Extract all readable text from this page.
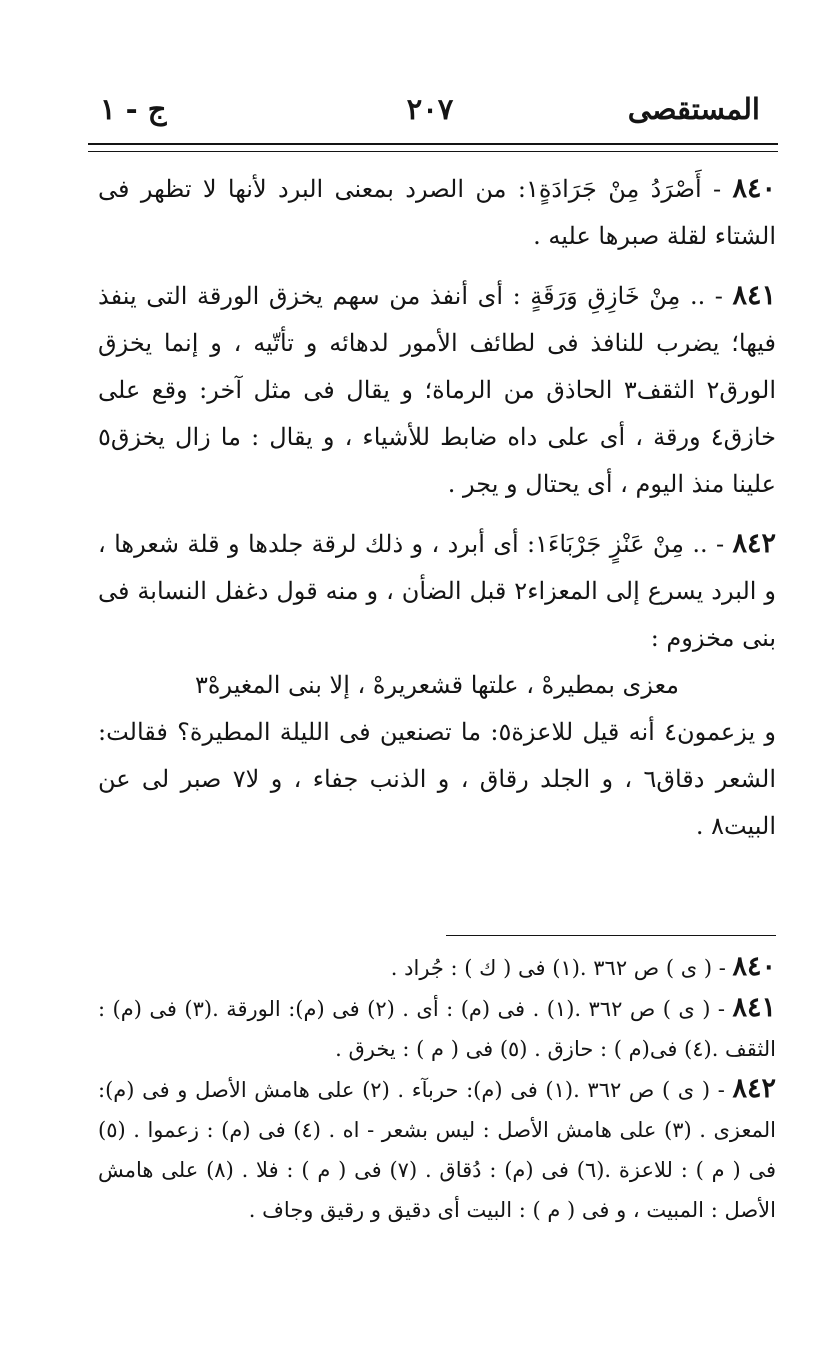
المستقصى
٢٠٧
ج - ١

٨٤٠ - أَصْرَدُ مِنْ جَرَادَةٍ١: من الصرد بمعنى البرد لأنها لا تظهر فى الشتاء لقلة صبرها عليه .

٨٤١ - .. مِنْ خَازِقِ وَرَقَةٍ : أى أنفذ من سهم يخزق الورقة التى ينفذ فيها؛ يضرب للنافذ فى لطائف الأمور لدهائه و تأتّيه ، و إنما يخزق الورق٢ الثقف٣ الحاذق من الرماة؛ و يقال فى مثل آخر: وقع على خازق٤ ورقة ، أى على داه ضابط للأشياء ، و يقال : ما زال يخزق٥ علينا منذ اليوم ، أى يحتال و يجر .

٨٤٢ - .. مِنْ عَنْزٍ جَرْبَاءَ١: أى أبرد ، و ذلك لرقة جلدها و قلة شعرها ، و البرد يسرع إلى المعزاء٢ قبل الضأن ، و منه قول دغفل النسابة فى بنى مخزوم :

معزى بمطيرهْ ، علتها قشعريرهْ ، إلا بنى المغيرهْ٣

و يزعمون٤ أنه قيل للاعزة٥: ما تصنعين فى الليلة المطيرة؟ فقالت: الشعر دقاق٦ ، و الجلد رقاق ، و الذنب جفاء ، و لا٧ صبر لى عن البيت٨ .

٨٤٠ - ( ى ) ص ٣٦٢ .(١) فى ( ك ) : جُراد .

٨٤١ - ( ى ) ص ٣٦٢ .(١) . فى (م) : أى . (٢) فى (م): الورقة .(٣) فى (م) : الثقف .(٤) فى(م ) : حازق . (٥) فى ( م ) : يخرق .

٨٤٢ - ( ى ) ص ٣٦٢ .(١) فى (م): حربآء . (٢) على هامش الأصل و فى (م): المعزى . (٣) على هامش الأصل : ليس بشعر - اه . (٤) فى (م) : زعموا . (٥) فى ( م ) : للاعزة .(٦) فى (م) : دُقاق . (٧) فى ( م ) : فلا . (٨) على هامش الأصل : المبيت ، و فى ( م ) : البيت أى دقيق و رقيق وجاف .
